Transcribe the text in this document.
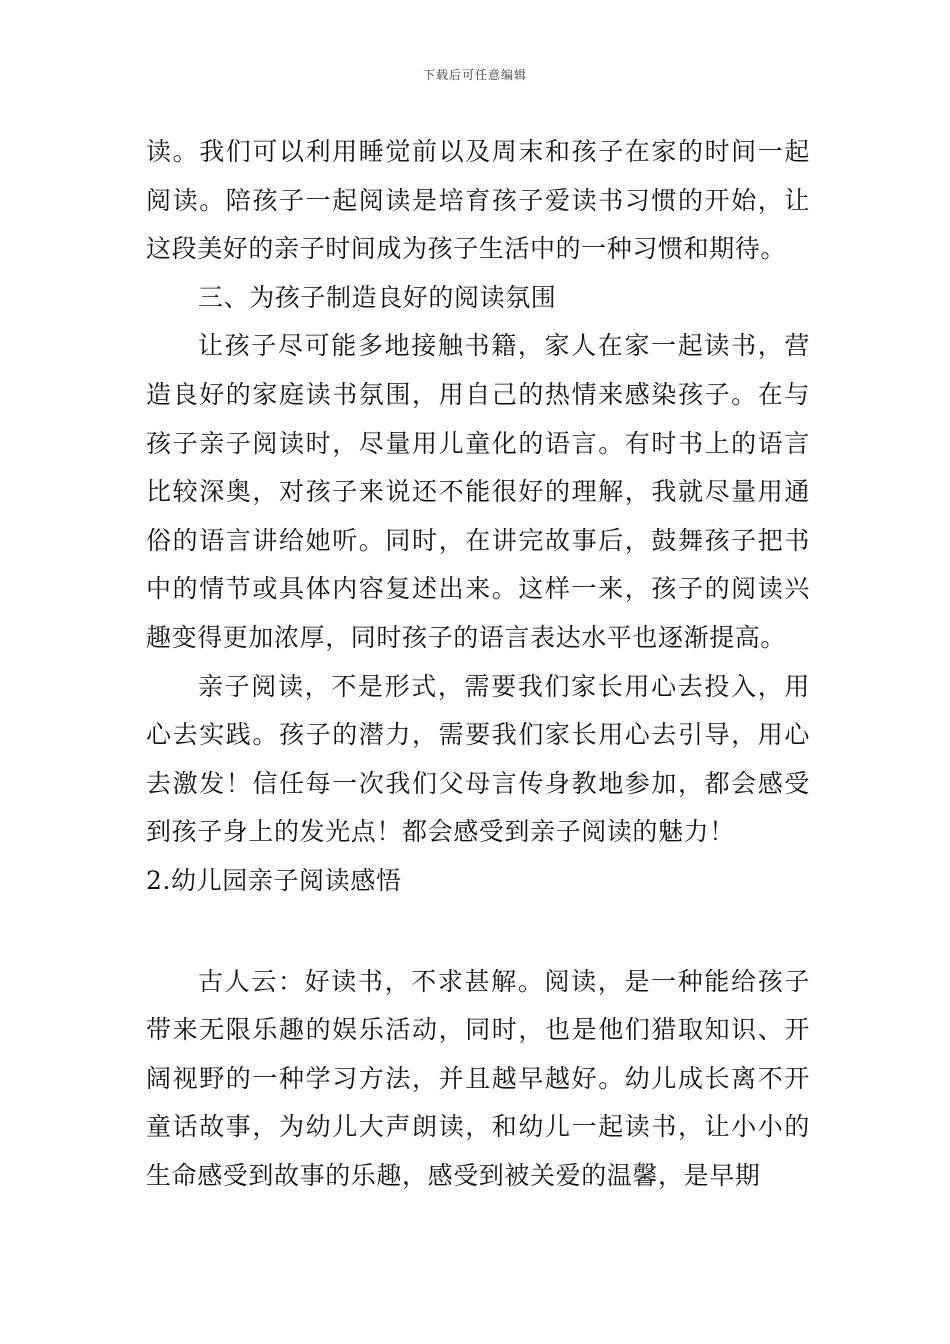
下载后可任意编辑

读。我们可以利用睡觉前以及周末和孩子在家的时间一起阅读。陪孩子一起阅读是培育孩子爱读书习惯的开始，让这段美好的亲子时间成为孩子生活中的一种习惯和期待。

三、为孩子制造良好的阅读氛围

让孩子尽可能多地接触书籍，家人在家一起读书，营造良好的家庭读书氛围，用自己的热情来感染孩子。在与孩子亲子阅读时，尽量用儿童化的语言。有时书上的语言比较深奥，对孩子来说还不能很好的理解，我就尽量用通俗的语言讲给她听。同时，在讲完故事后，鼓舞孩子把书中的情节或具体内容复述出来。这样一来，孩子的阅读兴趣变得更加浓厚，同时孩子的语言表达水平也逐渐提高。

亲子阅读，不是形式，需要我们家长用心去投入，用心去实践。孩子的潜力，需要我们家长用心去引导，用心去激发！信任每一次我们父母言传身教地参加，都会感受到孩子身上的发光点！都会感受到亲子阅读的魅力！

2.幼儿园亲子阅读感悟

古人云：好读书，不求甚解。阅读，是一种能给孩子带来无限乐趣的娱乐活动，同时，也是他们猎取知识、开阔视野的一种学习方法，并且越早越好。幼儿成长离不开童话故事，为幼儿大声朗读，和幼儿一起读书，让小小的生命感受到故事的乐趣，感受到被关爱的温馨，是早期
